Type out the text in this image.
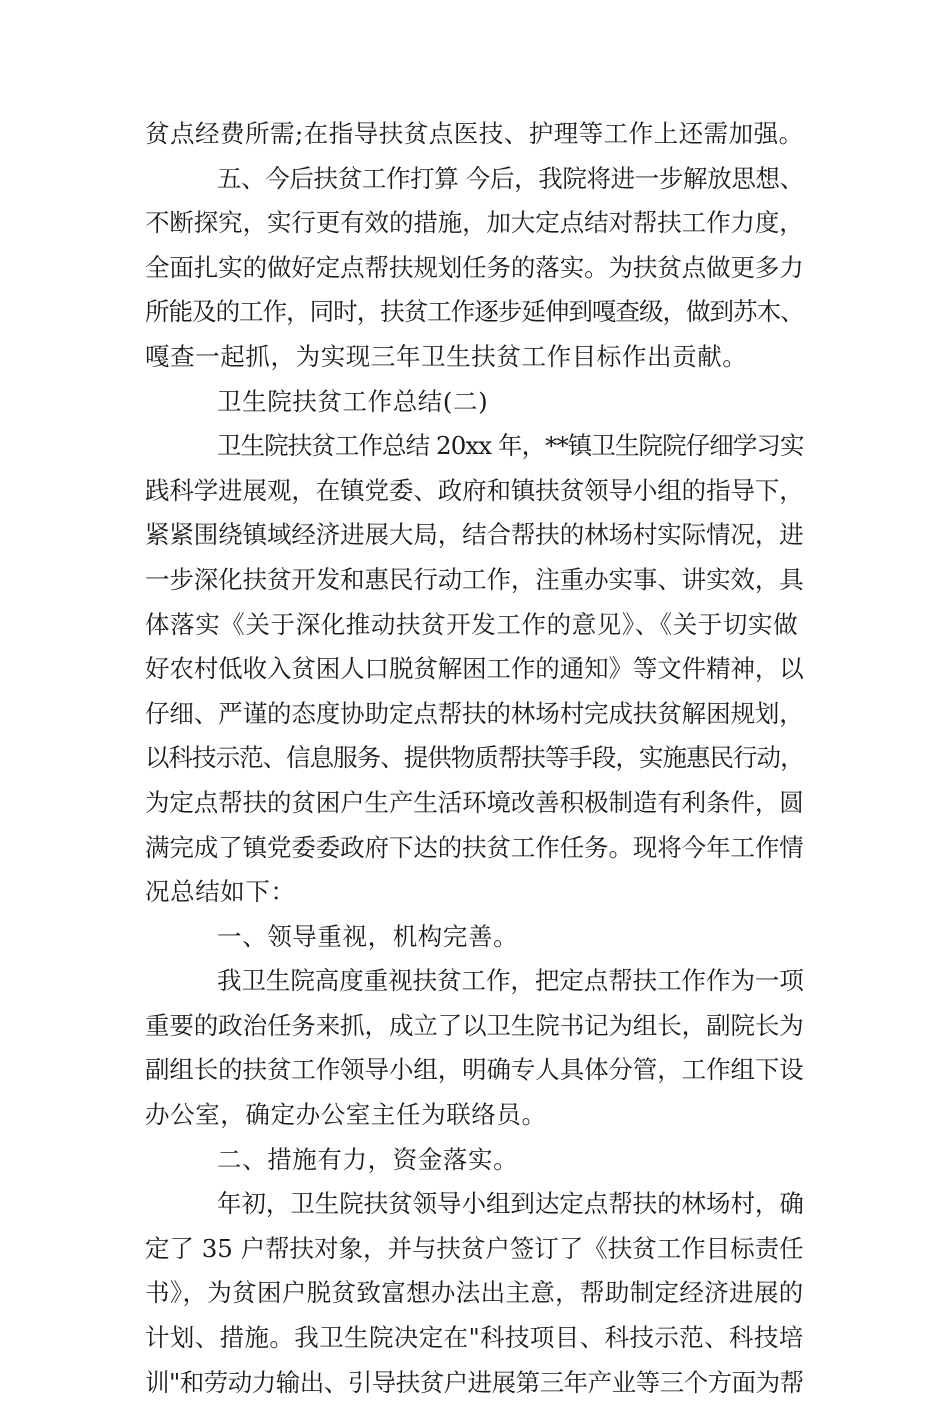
贫点经费所需;在指导扶贫点医技、护理等工作上还需加强。
五、今后扶贫工作打算 今后，我院将进一步解放思想、
不断探究，实行更有效的措施，加大定点结对帮扶工作力度，
全面扎实的做好定点帮扶规划任务的落实。为扶贫点做更多力
所能及的工作，同时，扶贫工作逐步延伸到嘎查级，做到苏木、
嘎查一起抓，为实现三年卫生扶贫工作目标作出贡献。
卫生院扶贫工作总结(二)
卫生院扶贫工作总结 20xx 年，**镇卫生院院仔细学习实
践科学进展观，在镇党委、政府和镇扶贫领导小组的指导下，
紧紧围绕镇域经济进展大局，结合帮扶的林场村实际情况，进
一步深化扶贫开发和惠民行动工作，注重办实事、讲实效，具
体落实《关于深化推动扶贫开发工作的意见》、《关于切实做
好农村低收入贫困人口脱贫解困工作的通知》等文件精神，以
仔细、严谨的态度协助定点帮扶的林场村完成扶贫解困规划，
以科技示范、信息服务、提供物质帮扶等手段，实施惠民行动，
为定点帮扶的贫困户生产生活环境改善积极制造有利条件，圆
满完成了镇党委委政府下达的扶贫工作任务。现将今年工作情
况总结如下：
一、领导重视，机构完善。
我卫生院高度重视扶贫工作，把定点帮扶工作作为一项
重要的政治任务来抓，成立了以卫生院书记为组长，副院长为
副组长的扶贫工作领导小组，明确专人具体分管，工作组下设
办公室，确定办公室主任为联络员。
二、措施有力，资金落实。
年初，卫生院扶贫领导小组到达定点帮扶的林场村，确
定了 35 户帮扶对象，并与扶贫户签订了《扶贫工作目标责任
书》，为贫困户脱贫致富想办法出主意，帮助制定经济进展的
计划、措施。我卫生院决定在"科技项目、科技示范、科技培
训"和劳动力输出、引导扶贫户进展第三年产业等三个方面为帮
